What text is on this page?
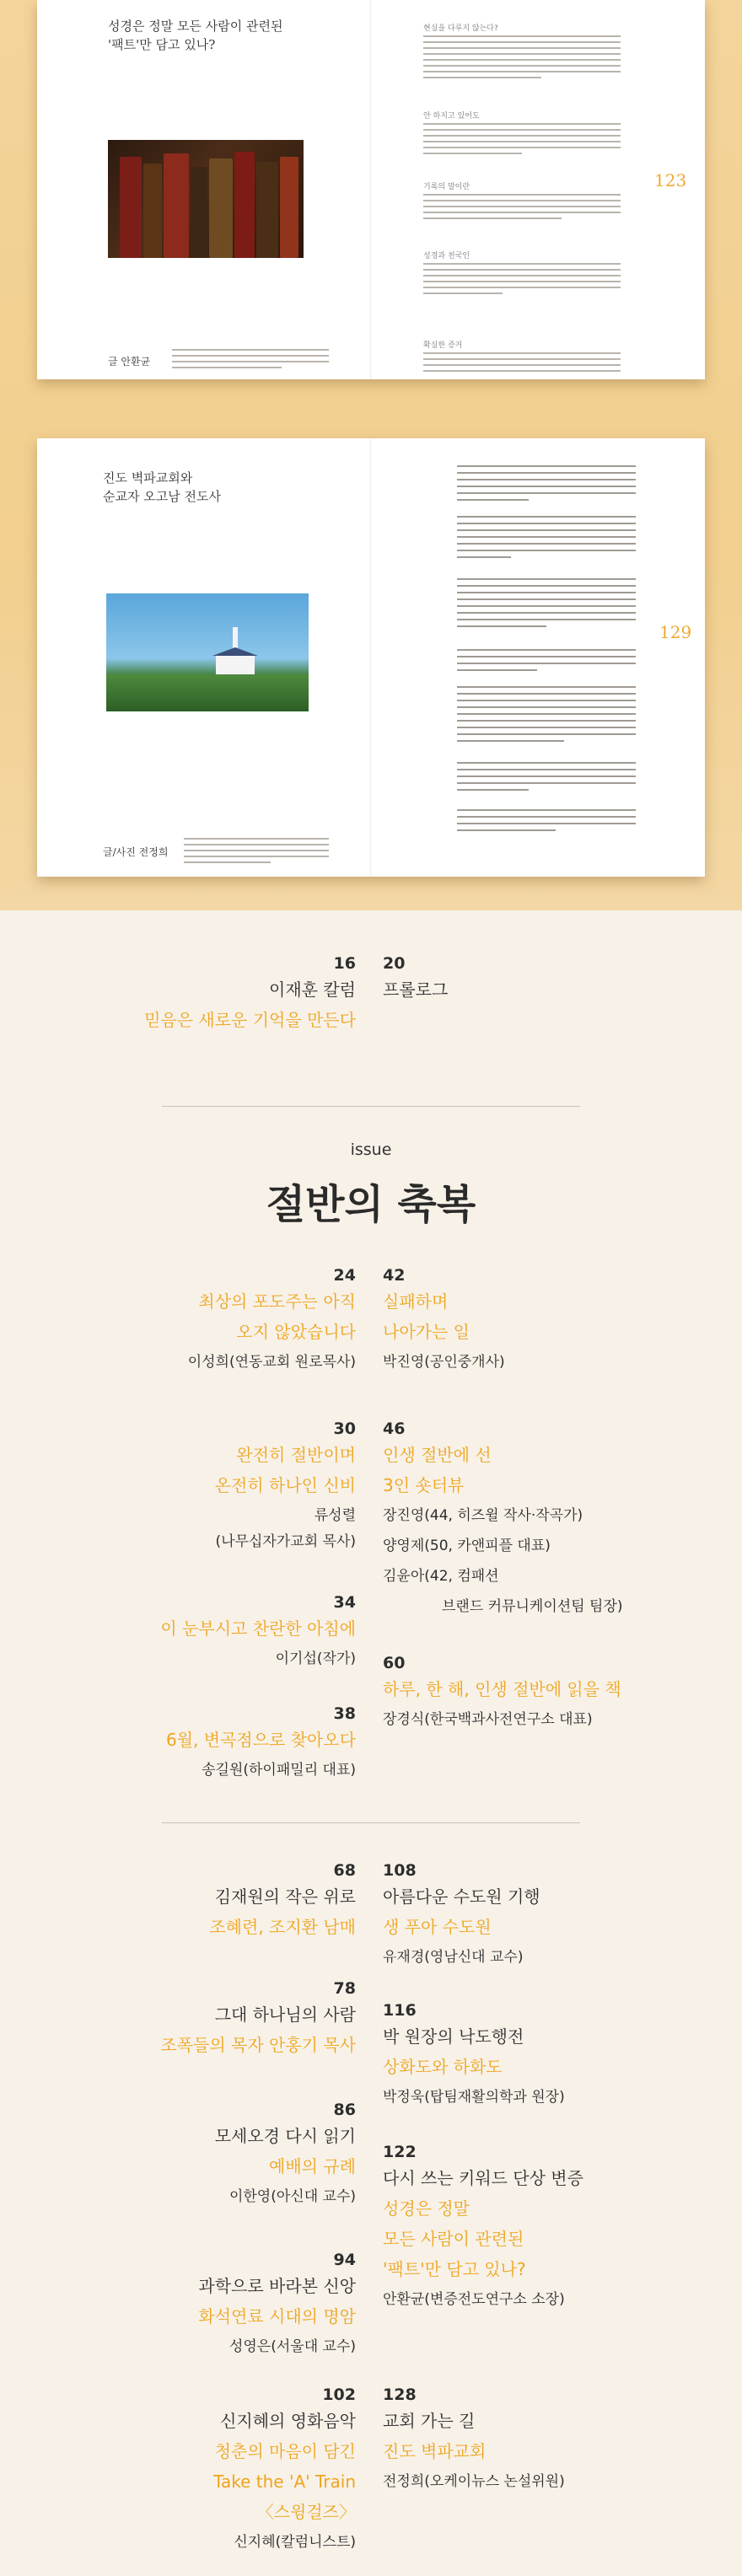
성경은 정말 모든 사람이 관련된
'팩트'만 담고 있나?
글 안환균
현실을 다루지 않는다?
안 하지고 있어도
123
기록의 말이란
성경과 천국인
확실한 증거
진도 벽파교회와
순교자 오고남 전도사
글/사진 전정희
129
16
이재훈 칼럼
믿음은 새로운 기억을 만든다
20
프롤로그
issue
절반의 축복
24
최상의 포도주는 아직
오지 않았습니다
이성희(연동교회 원로목사)
30
완전히 절반이며
온전히 하나인 신비
류성렬
(나무십자가교회 목사)
34
이 눈부시고 찬란한 아침에
이기섭(작가)
38
6월, 변곡점으로 찾아오다
송길원(하이패밀리 대표)
42
실패하며
나아가는 일
박진영(공인중개사)
46
인생 절반에 선
3인 숏터뷰
장진영(44, 히즈윌 작사·작곡가)
양영제(50, 카앤피플 대표)
김윤아(42, 컴패션
브랜드 커뮤니케이션팀 팀장)
60
하루, 한 해, 인생 절반에 읽을 책
장경식(한국백과사전연구소 대표)
68
김재원의 작은 위로
조혜련, 조지환 남매
78
그대 하나님의 사람
조폭들의 목자 안홍기 목사
86
모세오경 다시 읽기
예배의 규례
이한영(아신대 교수)
94
과학으로 바라본 신앙
화석연료 시대의 명암
성영은(서울대 교수)
102
신지혜의 영화음악
청춘의 마음이 담긴
Take the 'A' Train
〈스윙걸즈〉
신지혜(칼럼니스트)
108
아름다운 수도원 기행
생 푸아 수도원
유재경(영남신대 교수)
116
박 원장의 낙도행전
상화도와 하화도
박정욱(탑팀재활의학과 원장)
122
다시 쓰는 키워드 단상 변증
성경은 정말
모든 사람이 관련된
'팩트'만 담고 있나?
안환균(변증전도연구소 소장)
128
교회 가는 길
진도 벽파교회
전정희(오케이뉴스 논설위원)
